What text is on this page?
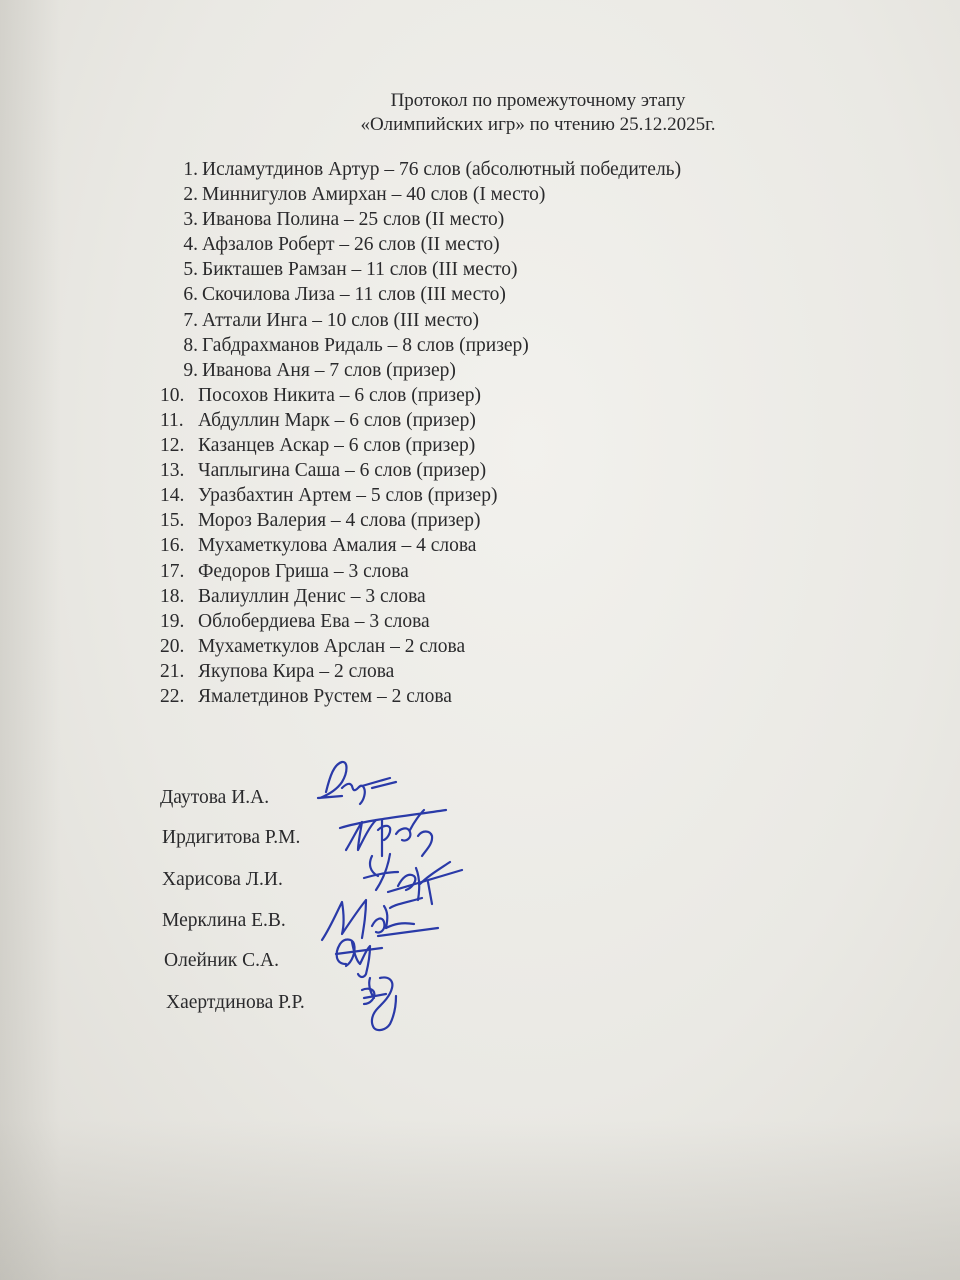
Протокол по промежуточному этапу
«Олимпийских игр» по чтению 25.12.2025г.
1. Исламутдинов Артур – 76 слов (абсолютный победитель)
2. Миннигулов Амирхан – 40 слов (I место)
3. Иванова Полина – 25 слов (II место)
4. Афзалов Роберт – 26 слов (II место)
5. Бикташев Рамзан – 11 слов (III место)
6. Скочилова Лиза – 11 слов (III место)
7. Аттали Инга – 10 слов (III место)
8. Габдрахманов Ридаль – 8 слов (призер)
9. Иванова Аня – 7 слов (призер)
10. Посохов Никита – 6 слов (призер)
11. Абдуллин Марк – 6 слов (призер)
12. Казанцев Аскар – 6 слов (призер)
13. Чаплыгина Саша – 6 слов (призер)
14. Уразбахтин Артем – 5 слов (призер)
15. Мороз Валерия – 4 слова (призер)
16. Мухаметкулова Амалия – 4 слова
17. Федоров Гриша – 3 слова
18. Валиуллин Денис – 3 слова
19. Облобердиева Ева – 3 слова
20. Мухаметкулов Арслан – 2 слова
21. Якупова Кира – 2 слова
22. Ямалетдинов Рустем – 2 слова
Даутова И.А.
Ирдигитова Р.М.
Харисова Л.И.
Мерклина Е.В.
Олейник С.А.
Хаертдинова Р.Р.
